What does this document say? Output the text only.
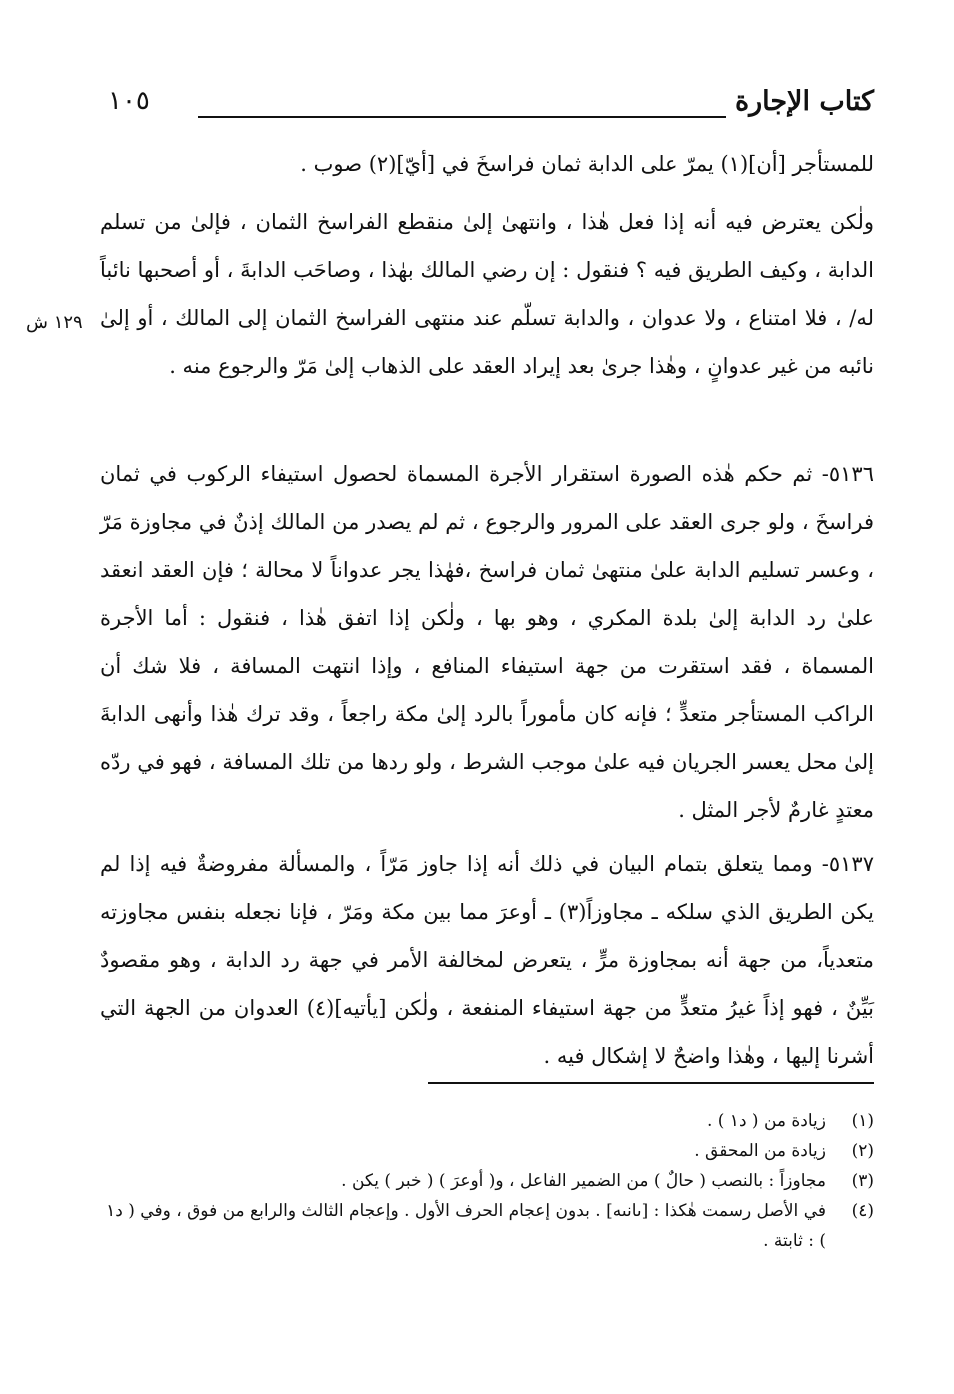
كتاب الإجارة
١٠٥

للمستأجر [أن](١) يمرّ على الدابة ثمان فراسخَ في [أيّ](٢) صوب .

ولٰكن يعترض فيه أنه إذا فعل هٰذا ، وانتهىٰ إلىٰ منقطع الفراسخ الثمان ، فإلىٰ من تسلم الدابة ، وكيف الطريق فيه ؟ فنقول : إن رضي المالك بهٰذا ، وصاحَب الدابةَ ، أو أصحبها نائباً له/ ، فلا امتناع ، ولا عدوان ، والدابة تسلّم عند منتهى الفراسخ الثمان إلى المالك ، أو إلىٰ نائبه من غير عدوانٍ ، وهٰذا جرىٰ بعد إيراد العقد على الذهاب إلىٰ مَرّ والرجوع منه .

١٢٩ ش

٥١٣٦- ثم حكم هٰذه الصورة استقرار الأجرة المسماة لحصول استيفاء الركوب في ثمان فراسخَ ، ولو جرى العقد على المرور والرجوع ، ثم لم يصدر من المالك إذنٌ في مجاوزة مَرّ ، وعسر تسليم الدابة علىٰ منتهىٰ ثمان فراسخ ،فهٰذا يجر عدواناً لا محالة ؛ فإن العقد انعقد علىٰ رد الدابة إلىٰ بلدة المكري ، وهو بها ، ولٰكن إذا اتفق هٰذا ، فنقول : أما الأجرة المسماة ، فقد استقرت من جهة استيفاء المنافع ، وإذا انتهت المسافة ، فلا شك أن الراكب المستأجر متعدٍّ ؛ فإنه كان مأموراً بالرد إلىٰ مكة راجعاً ، وقد ترك هٰذا وأنهى الدابةَ إلىٰ محل يعسر الجريان فيه علىٰ موجب الشرط ، ولو ردها من تلك المسافة ، فهو في ردّه معتدٍ غارمٌ لأجر المثل .

٥١٣٧- ومما يتعلق بتمام البيان في ذلك أنه إذا جاوز مَرّاً ، والمسألة مفروضةٌ فيه إذا لم يكن الطريق الذي سلكه ـ مجاوزاً(٣) ـ أوعرَ مما بين مكة ومَرّ ، فإنا نجعله بنفس مجاوزته متعدياً، من جهة أنه بمجاوزة مرٍّ ، يتعرض لمخالفة الأمر في جهة رد الدابة ، وهو مقصودٌ بَيِّنٌ ، فهو إذاً غيرُ متعدٍّ من جهة استيفاء المنفعة ، ولٰكن [يأتيه](٤) العدوان من الجهة التي أشرنا إليها ، وهٰذا واضحٌ لا إشكال فيه .

(١)
زيادة من ( د١ ) .
(٢)
زيادة من المحقق .
(٣)
مجاوزاً : بالنصب ( حالٌ ) من الضمير الفاعل ، و( أوعرَ ) ( خبر ) يكن .
(٤)
في الأصل رسمت هٰكذا : [ىانىه] . بدون إعجام الحرف الأول . وإعجام الثالث والرابع من فوق ، وفي ( د١ ) : ثابتة .
